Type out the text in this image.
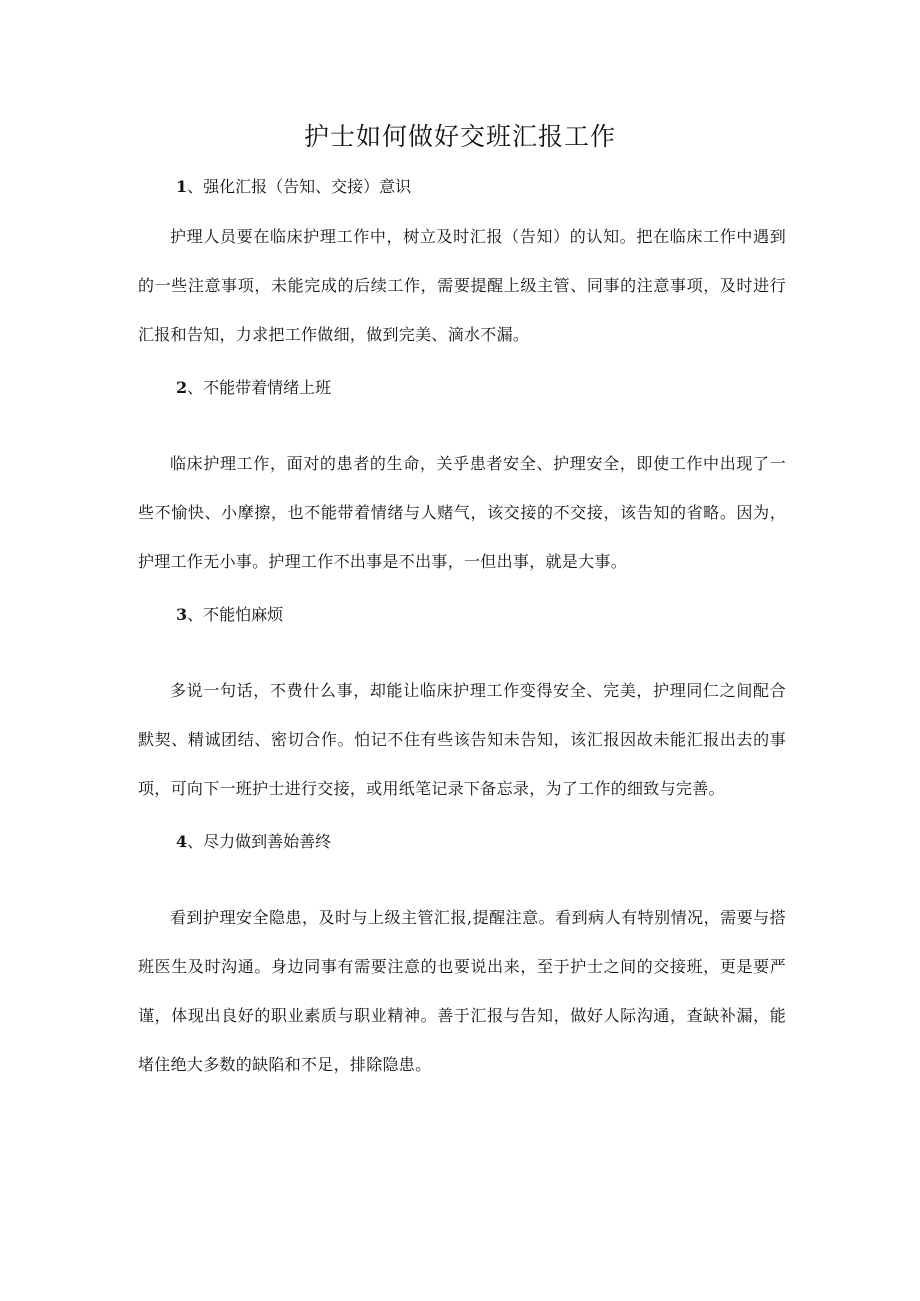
护士如何做好交班汇报工作
1、强化汇报（告知、交接）意识

护理人员要在临床护理工作中，树立及时汇报（告知）的认知。把在临床工作中遇到的一些注意事项，未能完成的后续工作，需要提醒上级主管、同事的注意事项，及时进行汇报和告知，力求把工作做细，做到完美、滴水不漏。

2、不能带着情绪上班

临床护理工作，面对的患者的生命，关乎患者安全、护理安全，即使工作中出现了一些不愉快、小摩擦，也不能带着情绪与人赌气，该交接的不交接，该告知的省略。因为，护理工作无小事。护理工作不出事是不出事，一但出事，就是大事。

3、不能怕麻烦

多说一句话，不费什么事，却能让临床护理工作变得安全、完美，护理同仁之间配合默契、精诚团结、密切合作。怕记不住有些该告知未告知，该汇报因故未能汇报出去的事项，可向下一班护士进行交接，或用纸笔记录下备忘录，为了工作的细致与完善。

4、尽力做到善始善终

看到护理安全隐患，及时与上级主管汇报,提醒注意。看到病人有特别情况，需要与搭班医生及时沟通。身边同事有需要注意的也要说出来，至于护士之间的交接班，更是要严谨，体现出良好的职业素质与职业精神。善于汇报与告知，做好人际沟通，查缺补漏，能堵住绝大多数的缺陷和不足，排除隐患。
